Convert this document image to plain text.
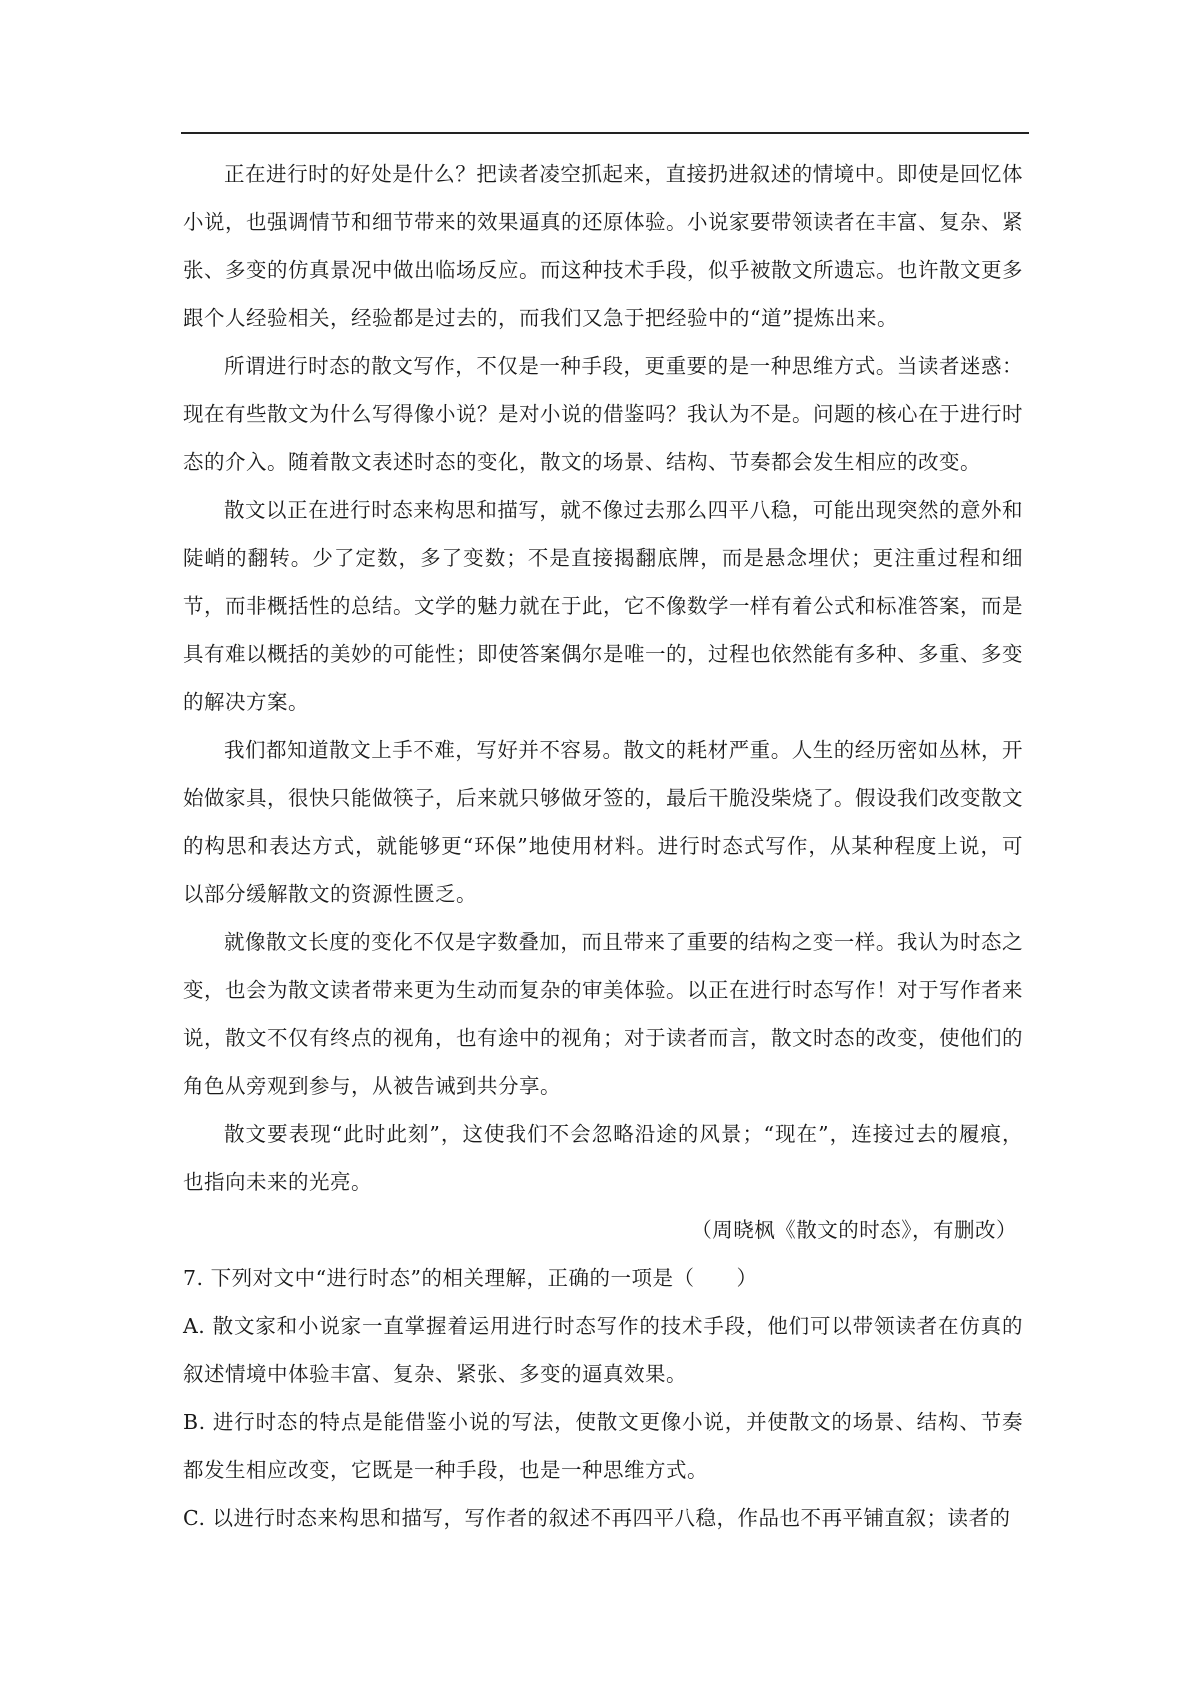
正在进行时的好处是什么？把读者凌空抓起来，直接扔进叙述的情境中。即使是回忆体小说，也强调情节和细节带来的效果逼真的还原体验。小说家要带领读者在丰富、复杂、紧张、多变的仿真景况中做出临场反应。而这种技术手段，似乎被散文所遗忘。也许散文更多跟个人经验相关，经验都是过去的，而我们又急于把经验中的“道”提炼出来。

所谓进行时态的散文写作，不仅是一种手段，更重要的是一种思维方式。当读者迷惑：现在有些散文为什么写得像小说？是对小说的借鉴吗？我认为不是。问题的核心在于进行时态的介入。随着散文表述时态的变化，散文的场景、结构、节奏都会发生相应的改变。

散文以正在进行时态来构思和描写，就不像过去那么四平八稳，可能出现突然的意外和陡峭的翻转。少了定数，多了变数；不是直接揭翻底牌，而是悬念埋伏；更注重过程和细节，而非概括性的总结。文学的魅力就在于此，它不像数学一样有着公式和标准答案，而是具有难以概括的美妙的可能性；即使答案偶尔是唯一的，过程也依然能有多种、多重、多变的解决方案。

我们都知道散文上手不难，写好并不容易。散文的耗材严重。人生的经历密如丛林，开始做家具，很快只能做筷子，后来就只够做牙签的，最后干脆没柴烧了。假设我们改变散文的构思和表达方式，就能够更“环保”地使用材料。进行时态式写作，从某种程度上说，可以部分缓解散文的资源性匮乏。

就像散文长度的变化不仅是字数叠加，而且带来了重要的结构之变一样。我认为时态之变，也会为散文读者带来更为生动而复杂的审美体验。以正在进行时态写作！对于写作者来说，散文不仅有终点的视角，也有途中的视角；对于读者而言，散文时态的改变，使他们的角色从旁观到参与，从被告诫到共分享。

散文要表现“此时此刻”，这使我们不会忽略沿途的风景；“现在”，连接过去的履痕，也指向未来的光亮。

（周晓枫《散文的时态》，有删改）

7. 下列对文中“进行时态”的相关理解，正确的一项是（　　）

A. 散文家和小说家一直掌握着运用进行时态写作的技术手段，他们可以带领读者在仿真的叙述情境中体验丰富、复杂、紧张、多变的逼真效果。

B. 进行时态的特点是能借鉴小说的写法，使散文更像小说，并使散文的场景、结构、节奏都发生相应改变，它既是一种手段，也是一种思维方式。

C. 以进行时态来构思和描写，写作者的叙述不再四平八稳，作品也不再平铺直叙；读者的
